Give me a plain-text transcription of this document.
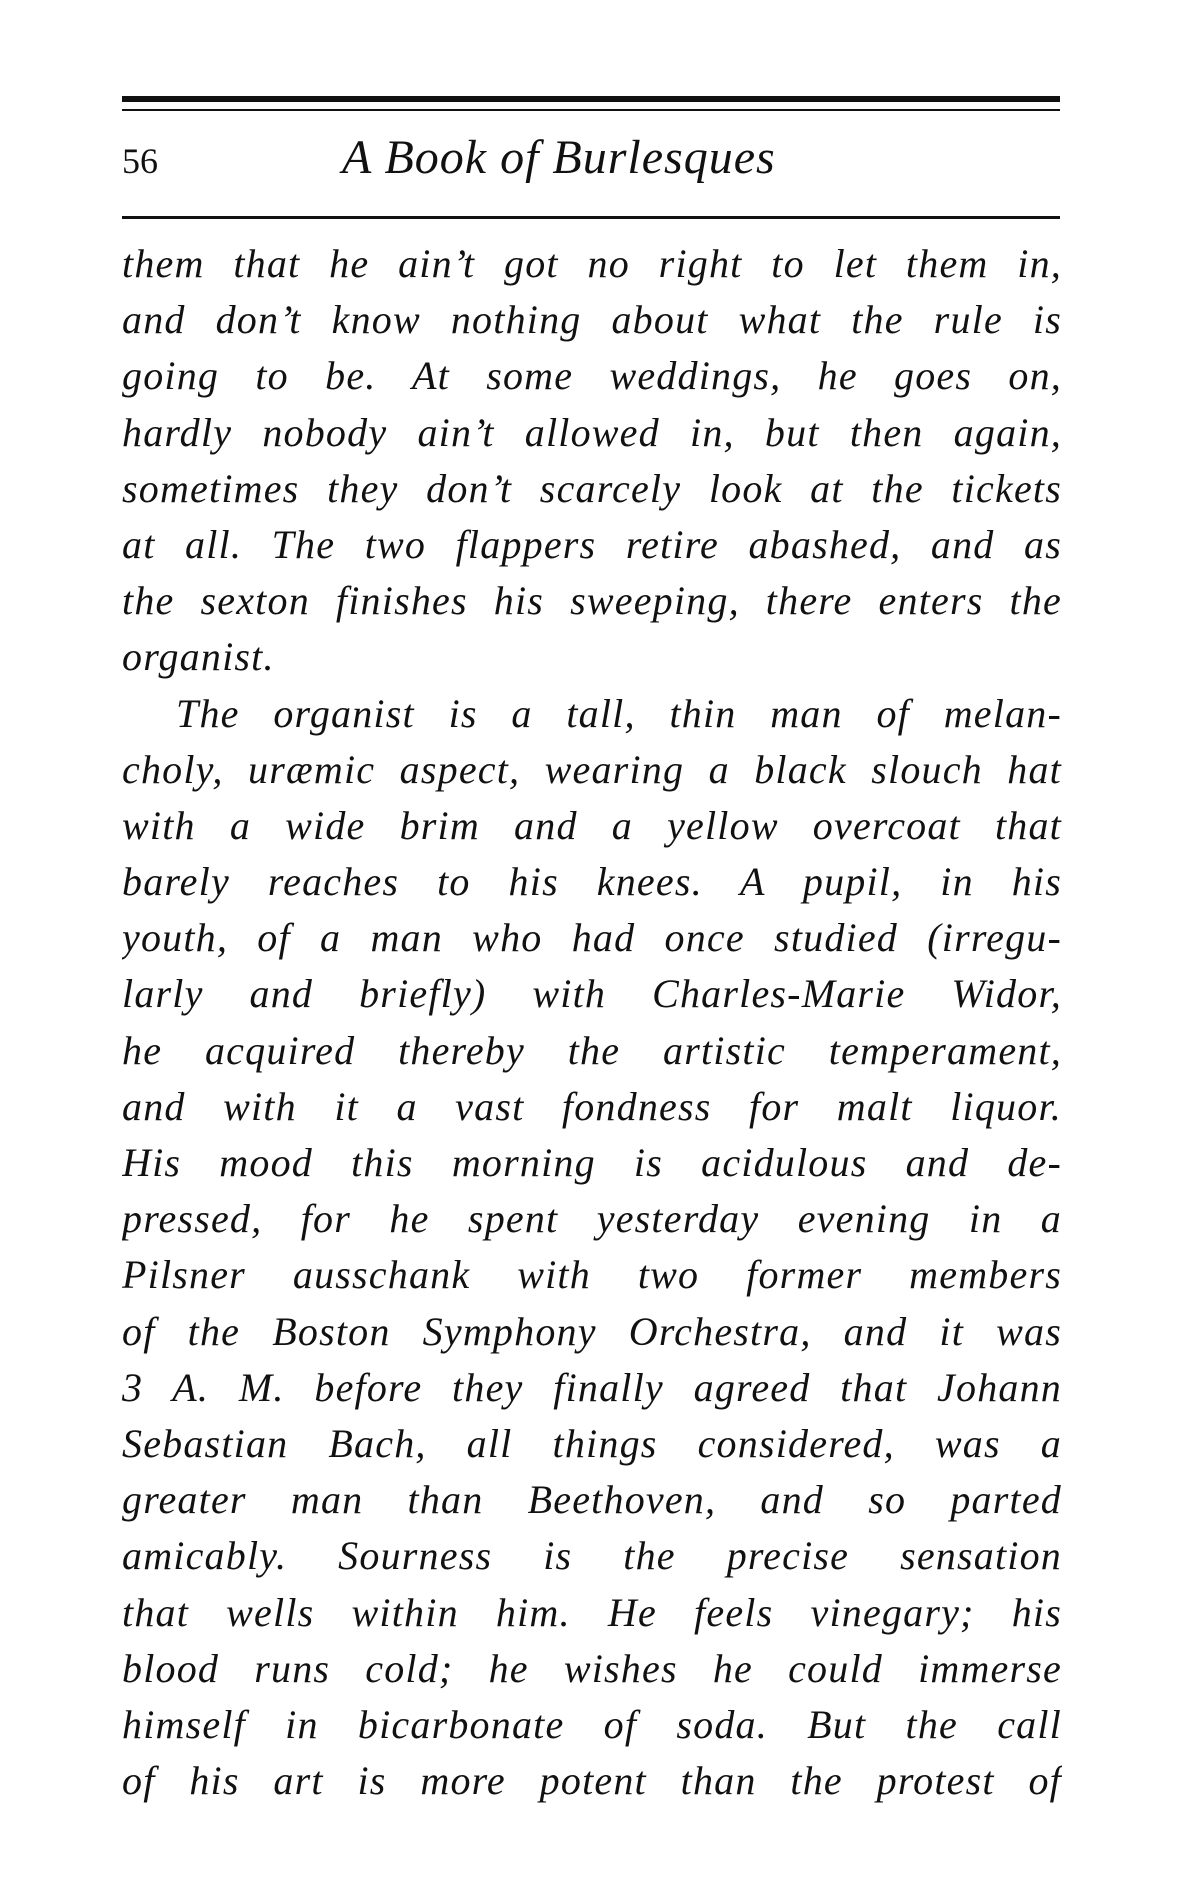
56	A Book of Burlesques
them that he ain’t got no right to let them in,
and don’t know nothing about what the rule is
going to be. At some weddings, he goes on,
hardly nobody ain’t allowed in, but then again,
sometimes they don’t scarcely look at the tickets
at all. The two flappers retire abashed, and as
the sexton finishes his sweeping, there enters the
organist.
The organist is a tall, thin man of melan-
choly, uræmic aspect, wearing a black slouch hat
with a wide brim and a yellow overcoat that
barely reaches to his knees. A pupil, in his
youth, of a man who had once studied (irregu-
larly and briefly) with Charles-Marie Widor,
he acquired thereby the artistic temperament,
and with it a vast fondness for malt liquor.
His mood this morning is acidulous and de-
pressed, for he spent yesterday evening in a
Pilsner ausschank with two former members
of the Boston Symphony Orchestra, and it was
3 A. M. before they finally agreed that Johann
Sebastian Bach, all things considered, was a
greater man than Beethoven, and so parted
amicably. Sourness is the precise sensation
that wells within him. He feels vinegary; his
blood runs cold; he wishes he could immerse
himself in bicarbonate of soda. But the call
of his art is more potent than the protest of
